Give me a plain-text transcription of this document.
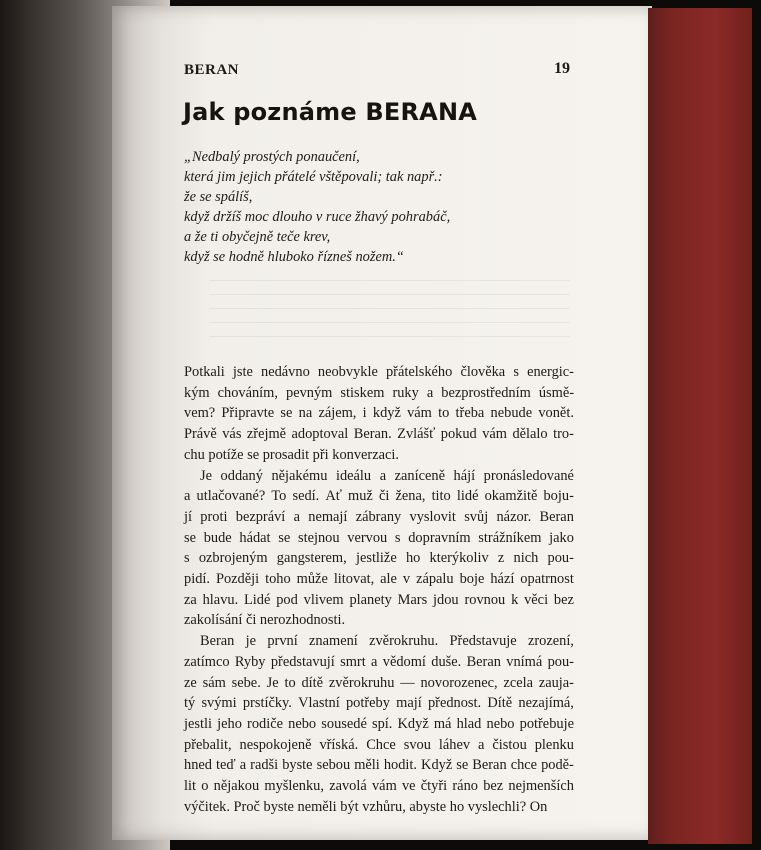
BERAN	19
Jak poznáme BERANA
„Nedbalý prostých ponaučení,
která jim jejich přátelé vštěpovali; tak např.:
že se spálíš,
když držíš moc dlouho v ruce žhavý pohrabáč,
a že ti obyčejně teče krev,
když se hodně hluboko řízneš nožem.“
Potkali jste nedávno neobvykle přátelského člověka s energic-
kým chováním, pevným stiskem ruky a bezprostředním úsmě-
vem? Připravte se na zájem, i když vám to třeba nebude vonět.
Právě vás zřejmě adoptoval Beran. Zvlášť pokud vám dělalo tro-
chu potíže se prosadit při konverzaci.
Je oddaný nějakému ideálu a zaníceně hájí pronásledované
a utlačované? To sedí. Ať muž či žena, tito lidé okamžitě boju-
jí proti bezpráví a nemají zábrany vyslovit svůj názor. Beran
se bude hádat se stejnou vervou s dopravním strážníkem jako
s ozbrojeným gangsterem, jestliže ho kterýkoliv z nich pou-
pidí. Později toho může litovat, ale v zápalu boje hází opatrnost
za hlavu. Lidé pod vlivem planety Mars jdou rovnou k věci bez
zakolísání či nerozhodnosti.
Beran je první znamení zvěrokruhu. Představuje zrození,
zatímco Ryby představují smrt a vědomí duše. Beran vnímá pou-
ze sám sebe. Je to dítě zvěrokruhu — novorozenec, zcela zauja-
tý svými prstíčky. Vlastní potřeby mají přednost. Dítě nezajímá,
jestli jeho rodiče nebo sousedé spí. Když má hlad nebo potřebuje
přebalit, nespokojeně vříská. Chce svou láhev a čistou plenku
hned teď a radši byste sebou měli hodit. Když se Beran chce podě-
lit o nějakou myšlenku, zavolá vám ve čtyři ráno bez nejmenších
výčitek. Proč byste neměli být vzhůru, abyste ho vyslechli? On
